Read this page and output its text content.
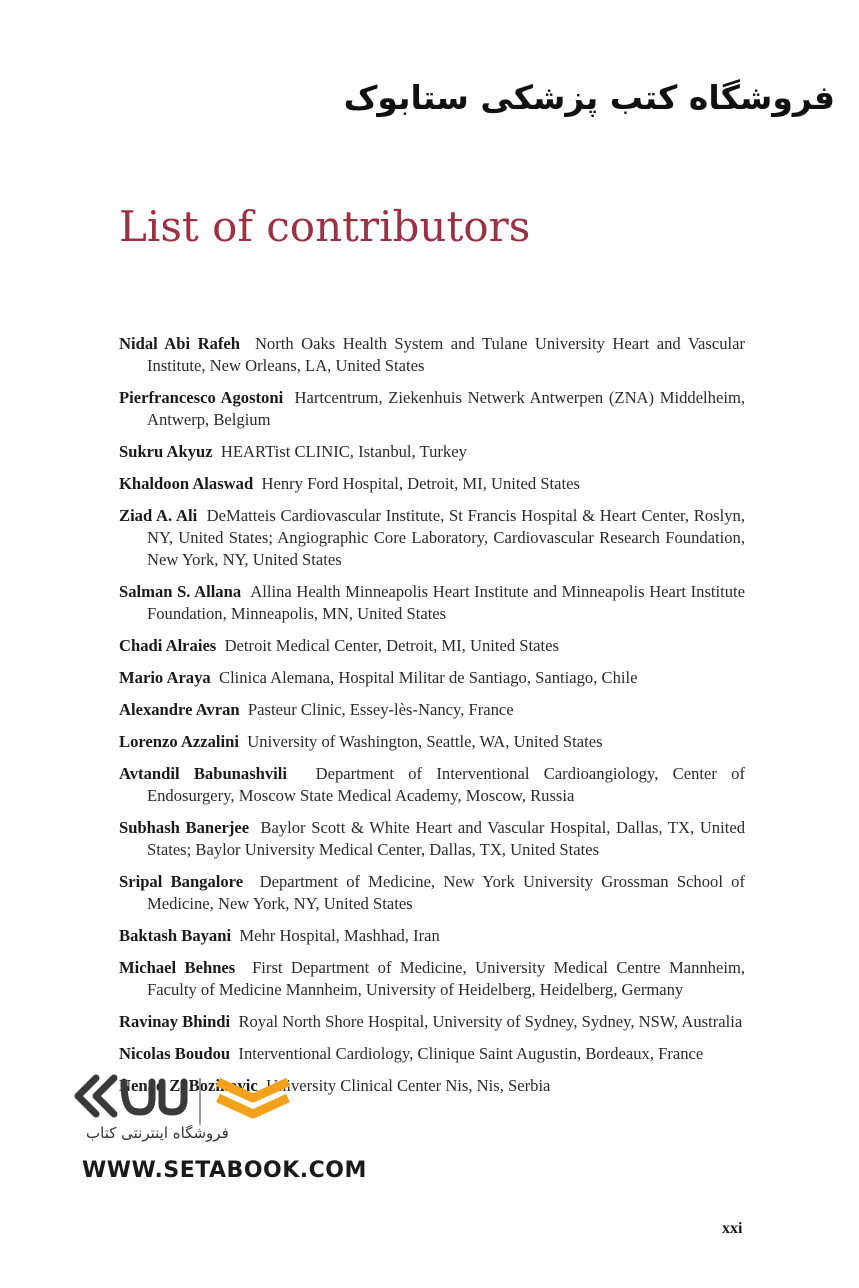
فروشگاه کتب پزشکی ستابوک
List of contributors
Nidal Abi Rafeh North Oaks Health System and Tulane University Heart and Vascular Institute, New Orleans, LA, United States
Pierfrancesco Agostoni Hartcentrum, Ziekenhuis Netwerk Antwerpen (ZNA) Middelheim, Antwerp, Belgium
Sukru Akyuz HEARTist CLINIC, Istanbul, Turkey
Khaldoon Alaswad Henry Ford Hospital, Detroit, MI, United States
Ziad A. Ali DeMatteis Cardiovascular Institute, St Francis Hospital & Heart Center, Roslyn, NY, United States; Angiographic Core Laboratory, Cardiovascular Research Foundation, New York, NY, United States
Salman S. Allana Allina Health Minneapolis Heart Institute and Minneapolis Heart Institute Foundation, Minneapolis, MN, United States
Chadi Alraies Detroit Medical Center, Detroit, MI, United States
Mario Araya Clinica Alemana, Hospital Militar de Santiago, Santiago, Chile
Alexandre Avran Pasteur Clinic, Essey-lès-Nancy, France
Lorenzo Azzalini University of Washington, Seattle, WA, United States
Avtandil Babunashvili Department of Interventional Cardioangiology, Center of Endosurgery, Moscow State Medical Academy, Moscow, Russia
Subhash Banerjee Baylor Scott & White Heart and Vascular Hospital, Dallas, TX, United States; Baylor University Medical Center, Dallas, TX, United States
Sripal Bangalore Department of Medicine, New York University Grossman School of Medicine, New York, NY, United States
Baktash Bayani Mehr Hospital, Mashhad, Iran
Michael Behnes First Department of Medicine, University Medical Centre Mannheim, Faculty of Medicine Mannheim, University of Heidelberg, Heidelberg, Germany
Ravinay Bhindi Royal North Shore Hospital, University of Sydney, Sydney, NSW, Australia
Nicolas Boudou Interventional Cardiology, Clinique Saint Augustin, Bordeaux, France
Nenad Z. Bozinovic University Clinical Center Nis, Nis, Serbia
فروشگاه اینترنتی کتاب
WWW.SETABOOK.COM
xxi
